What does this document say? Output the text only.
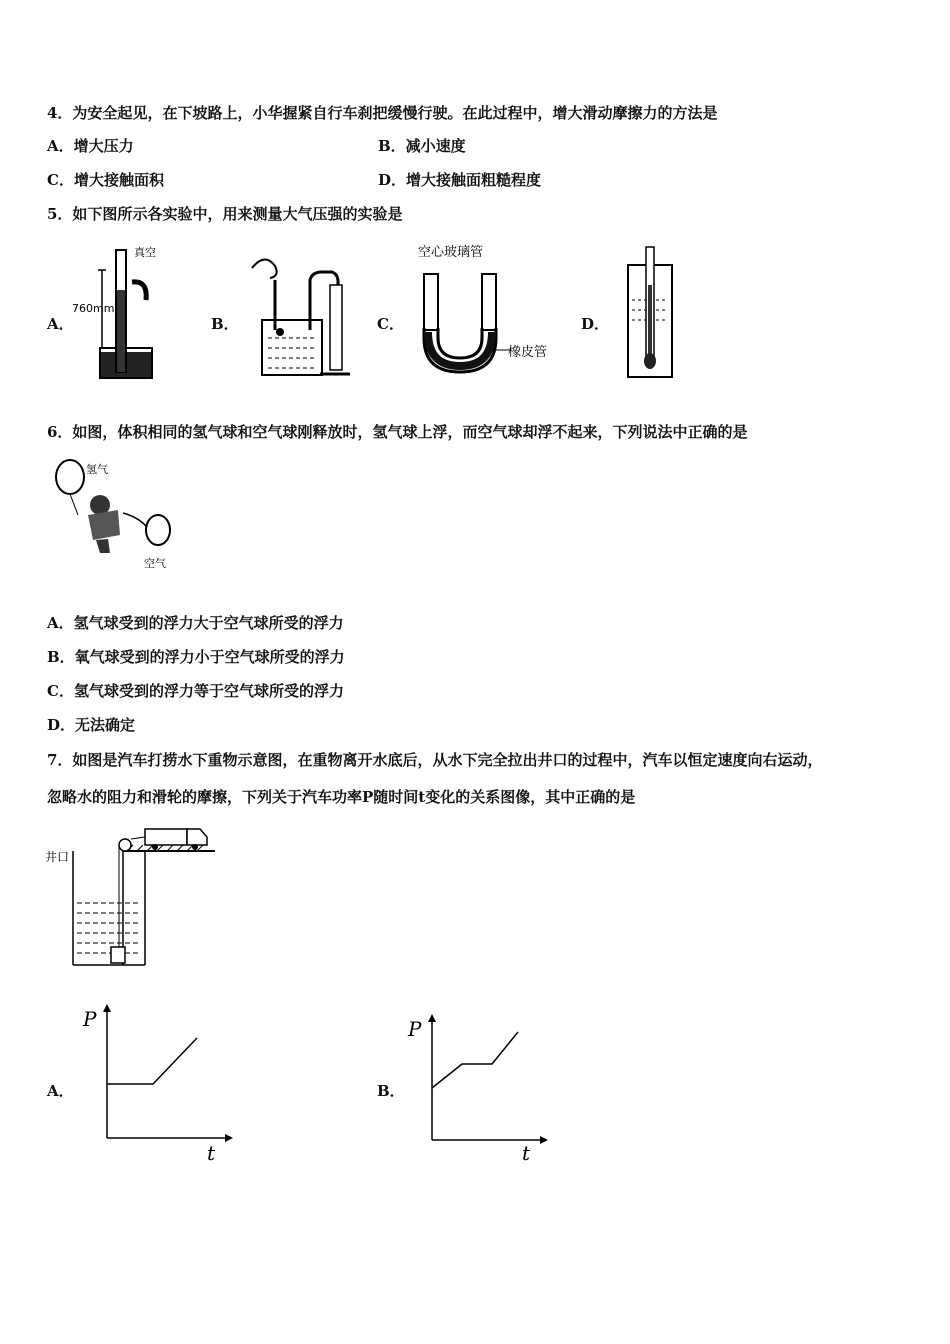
4．为安全起见，在下坡路上，小华握紧自行车刹把缓慢行驶。在此过程中，增大滑动摩擦力的方法是
A．增大压力	B．减小速度
C．增大接触面积	D．增大接触面粗糙程度
5．如下图所示各实验中，用来测量大气压强的实验是
A．	B．	C．	D．
760mm
真空	空心玻璃管
橡皮管
6．如图，体积相同的氢气球和空气球刚释放时，氢气球上浮，而空气球却浮不起来，下列说法中正确的是
氢气
空气
A．氢气球受到的浮力大于空气球所受的浮力
B．氧气球受到的浮力小于空气球所受的浮力
C．氢气球受到的浮力等于空气球所受的浮力
D．无法确定
7．如图是汽车打捞水下重物示意图，在重物离开水底后，从水下完全拉出井口的过程中，汽车以恒定速度向右运动，
忽略水的阻力和滑轮的摩擦，下列关于汽车功率P随时间t变化的关系图像，其中正确的是
井口
A．
P
t
B．
P
t
